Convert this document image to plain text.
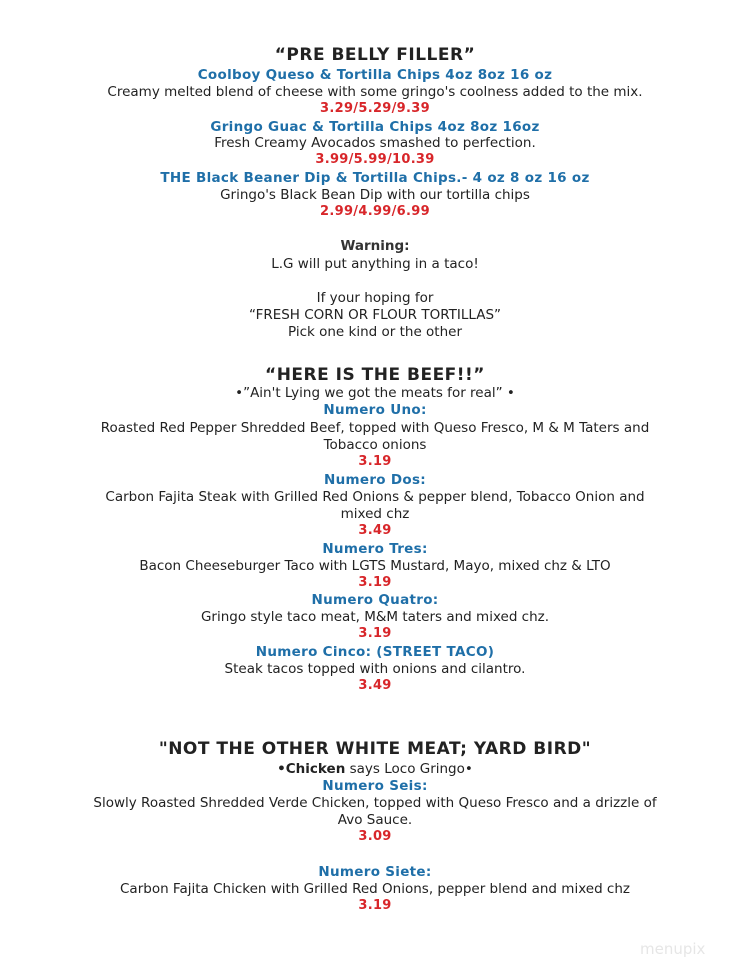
“PRE BELLY FILLER”
Coolboy Queso & Tortilla Chips 4oz 8oz 16 oz
Creamy melted blend of cheese with some gringo's coolness added to the mix.
3.29/5.29/9.39
Gringo Guac & Tortilla Chips 4oz 8oz 16oz
Fresh Creamy Avocados smashed to perfection.
3.99/5.99/10.39
THE Black Beaner Dip & Tortilla Chips.- 4 oz 8 oz 16 oz
Gringo's Black Bean Dip with our tortilla chips
2.99/4.99/6.99
Warning:
L.G will put anything in a taco!
If your hoping for
“FRESH CORN OR FLOUR TORTILLAS”
Pick one kind or the other
“HERE IS THE BEEF!!”
•”Ain't Lying we got the meats for real” •
Numero Uno:
Roasted Red Pepper Shredded Beef, topped with Queso Fresco, M & M Taters and
Tobacco onions
3.19
Numero Dos:
Carbon Fajita Steak with Grilled Red Onions & pepper blend, Tobacco Onion and
mixed chz
3.49
Numero Tres:
Bacon Cheeseburger Taco with LGTS Mustard, Mayo, mixed chz & LTO
3.19
Numero Quatro:
Gringo style taco meat, M&M taters and mixed chz.
3.19
Numero Cinco: (STREET TACO)
Steak tacos topped with onions and cilantro.
3.49
"NOT THE OTHER WHITE MEAT; YARD BIRD"
•Chicken says Loco Gringo•
Numero Seis:
Slowly Roasted Shredded Verde Chicken, topped with Queso Fresco and a drizzle of
Avo Sauce.
3.09
Numero Siete:
Carbon Fajita Chicken with Grilled Red Onions, pepper blend and mixed chz
3.19
menupix
